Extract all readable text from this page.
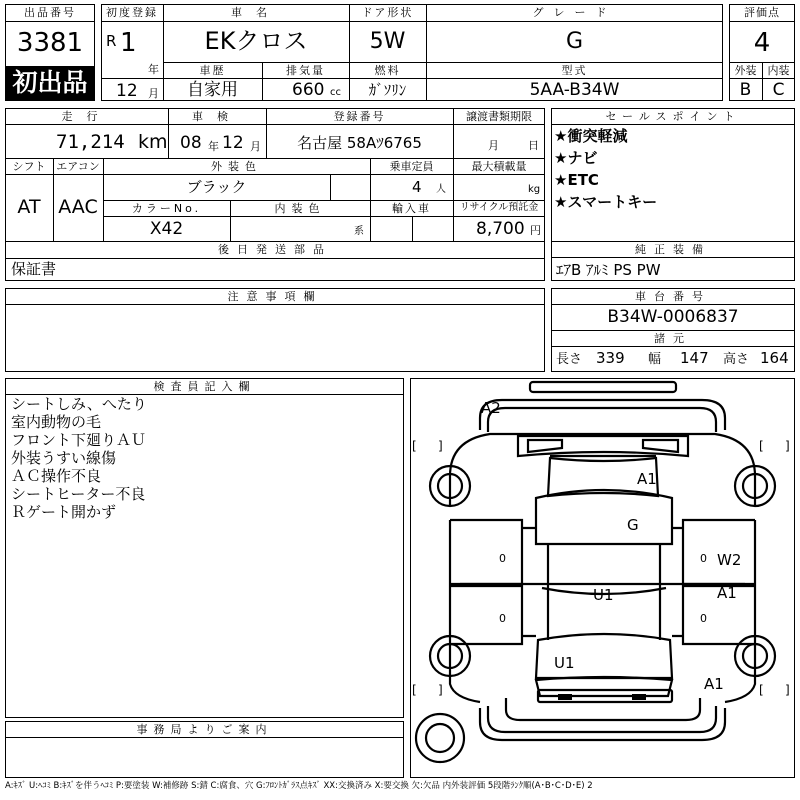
出品番号
3381
初出品
初度登録
R 1
年
12 月
車名
EKクロス
ドア形状
5W
グレード
G
車歴
自家用
排気量
660 cc
燃料
ｶﾞｿﾘﾝ
型式
5AA-B34W
評価点
4
外装	内装
B	C
走行
71,214 km
車検
08 年 12 月
登録番号
名古屋 58Aﾂ6765
譲渡書類期限
月	日
シフト エアコン
AT AAC
外装色
ブラック
乗車定員
4 人
最大積載量
kg
カラーNo.
X42
内装色
系
輸入車	リサイクル預託金
8,700 円
後日発送部品
保証書
注意事項欄
検査員記入欄
シートしみ、へたり
室内動物の毛
フロント下廻りＡＵ
外装うすい線傷
ＡＣ操作不良
シートヒーター不良
Ｒゲート開かず
事務局よりご案内
セールスポイント
★衝突軽減
★ナビ
★ETC
★スマートキー
純正装備
ｴｱB ｱﾙﾐ PS PW
車台番号
B34W-0006837
諸元
長さ 339 幅 147 高さ 164
A2
A1
G
W2
U1	A1
U1
A1
[ ]	[ ]
[ ]	[ ]
0
0
0
0
A:ｷｽﾞ U:ﾍｺﾐ B:ｷｽﾞを伴うﾍｺﾐ P:要塗装 W:補修跡 S:錆 C:腐食、穴 G:ﾌﾛﾝﾄｶﾞﾗｽ点ｷｽﾞ XX:交換済み X:要交換 欠:欠品 内外装評価 5段階ﾗﾝｸ順(A･B･C･D･E) 2
